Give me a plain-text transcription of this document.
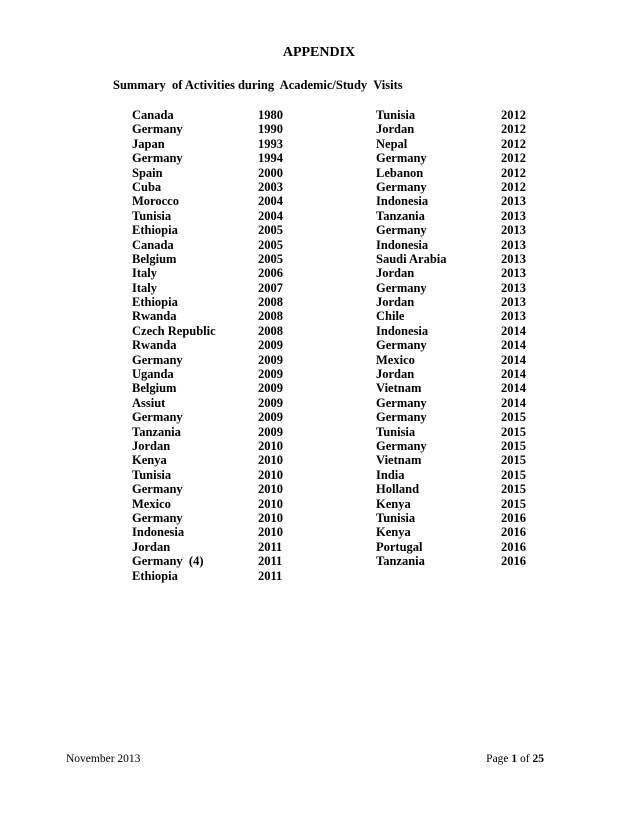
APPENDIX
Summary  of Activities during  Academic/Study  Visits
Canada	1980	Tunisia	2012
Germany	1990	Jordan	2012
Japan	1993	Nepal	2012
Germany	1994	Germany	2012
Spain	2000	Lebanon	2012
Cuba	2003	Germany	2012
Morocco	2004	Indonesia	2013
Tunisia	2004	Tanzania	2013
Ethiopia	2005	Germany	2013
Canada	2005	Indonesia	2013
Belgium	2005	Saudi Arabia	2013
Italy	2006	Jordan	2013
Italy	2007	Germany	2013
Ethiopia	2008	Jordan	2013
Rwanda	2008	Chile	2013
Czech Republic	2008	Indonesia	2014
Rwanda	2009	Germany	2014
Germany	2009	Mexico	2014
Uganda	2009	Jordan	2014
Belgium	2009	Vietnam	2014
Assiut	2009	Germany	2014
Germany	2009	Germany	2015
Tanzania	2009	Tunisia	2015
Jordan	2010	Germany	2015
Kenya	2010	Vietnam	2015
Tunisia	2010	India	2015
Germany	2010	Holland	2015
Mexico	2010	Kenya	2015
Germany	2010	Tunisia	2016
Indonesia	2010	Kenya	2016
Jordan	2011	Portugal	2016
Germany  (4)	2011	Tanzania	2016
Ethiopia	2011
November 2013	Page 1 of 25
